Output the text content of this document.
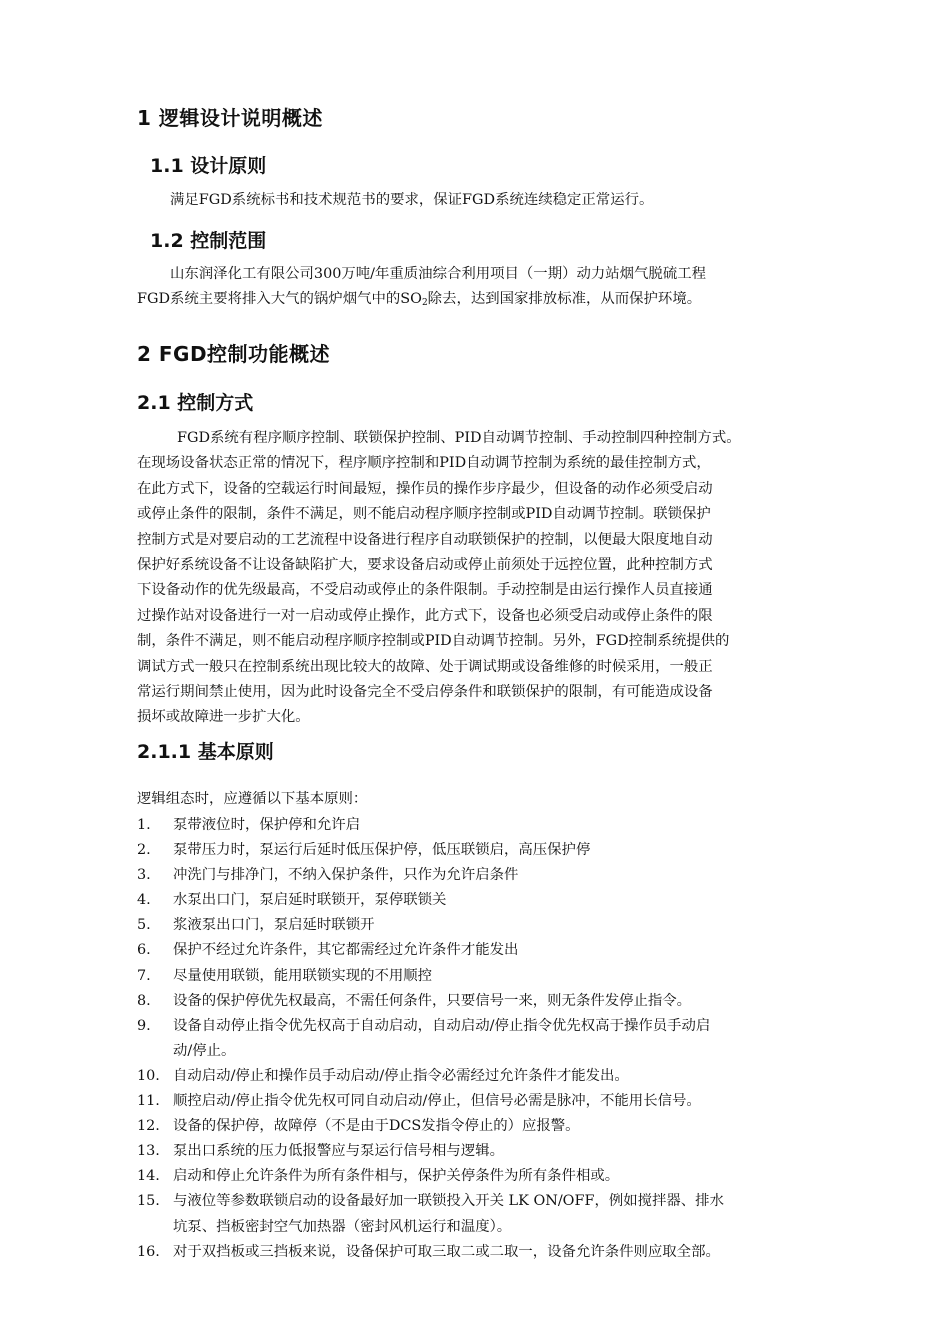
1 逻辑设计说明概述
1.1 设计原则
满足FGD系统标书和技术规范书的要求，保证FGD系统连续稳定正常运行。
1.2 控制范围
山东润泽化工有限公司300万吨/年重质油综合利用项目（一期）动力站烟气脱硫工程
FGD系统主要将排入大气的锅炉烟气中的$SO_2$除去，达到国家排放标准，从而保护环境。
2 FGD控制功能概述
2.1 控制方式
FGD系统有程序顺序控制、联锁保护控制、PID自动调节控制、手动控制四种控制方式。
在现场设备状态正常的情况下，程序顺序控制和PID自动调节控制为系统的最佳控制方式，
在此方式下，设备的空载运行时间最短，操作员的操作步序最少，但设备的动作必须受启动
或停止条件的限制，条件不满足，则不能启动程序顺序控制或PID自动调节控制。联锁保护
控制方式是对要启动的工艺流程中设备进行程序自动联锁保护的控制，以便最大限度地自动
保护好系统设备不让设备缺陷扩大，要求设备启动或停止前须处于远控位置，此种控制方式
下设备动作的优先级最高，不受启动或停止的条件限制。手动控制是由运行操作人员直接通
过操作站对设备进行一对一启动或停止操作，此方式下，设备也必须受启动或停止条件的限
制，条件不满足，则不能启动程序顺序控制或PID自动调节控制。另外，FGD控制系统提供的
调试方式一般只在控制系统出现比较大的故障、处于调试期或设备维修的时候采用，一般正
常运行期间禁止使用，因为此时设备完全不受启停条件和联锁保护的限制，有可能造成设备
损坏或故障进一步扩大化。
2.1.1 基本原则
逻辑组态时，应遵循以下基本原则：
1.	泵带液位时，保护停和允许启
2.	泵带压力时，泵运行后延时低压保护停，低压联锁启，高压保护停
3.	冲洗门与排净门，不纳入保护条件，只作为允许启条件
4.	水泵出口门，泵启延时联锁开，泵停联锁关
5.	浆液泵出口门，泵启延时联锁开
6.	保护不经过允许条件，其它都需经过允许条件才能发出
7.	尽量使用联锁，能用联锁实现的不用顺控
8.	设备的保护停优先权最高，不需任何条件，只要信号一来，则无条件发停止指令。
9.	设备自动停止指令优先权高于自动启动，自动启动/停止指令优先权高于操作员手动启
动/停止。
10. 自动启动/停止和操作员手动启动/停止指令必需经过允许条件才能发出。
11. 顺控启动/停止指令优先权可同自动启动/停止，但信号必需是脉冲，不能用长信号。
12. 设备的保护停，故障停（不是由于DCS发指令停止的）应报警。
13. 泵出口系统的压力低报警应与泵运行信号相与逻辑。
14. 启动和停止允许条件为所有条件相与，保护关停条件为所有条件相或。
15. 与液位等参数联锁启动的设备最好加一联锁投入开关 LK ON/OFF，例如搅拌器、排水
坑泵、挡板密封空气加热器（密封风机运行和温度）。
16. 对于双挡板或三挡板来说，设备保护可取三取二或二取一，设备允许条件则应取全部。
